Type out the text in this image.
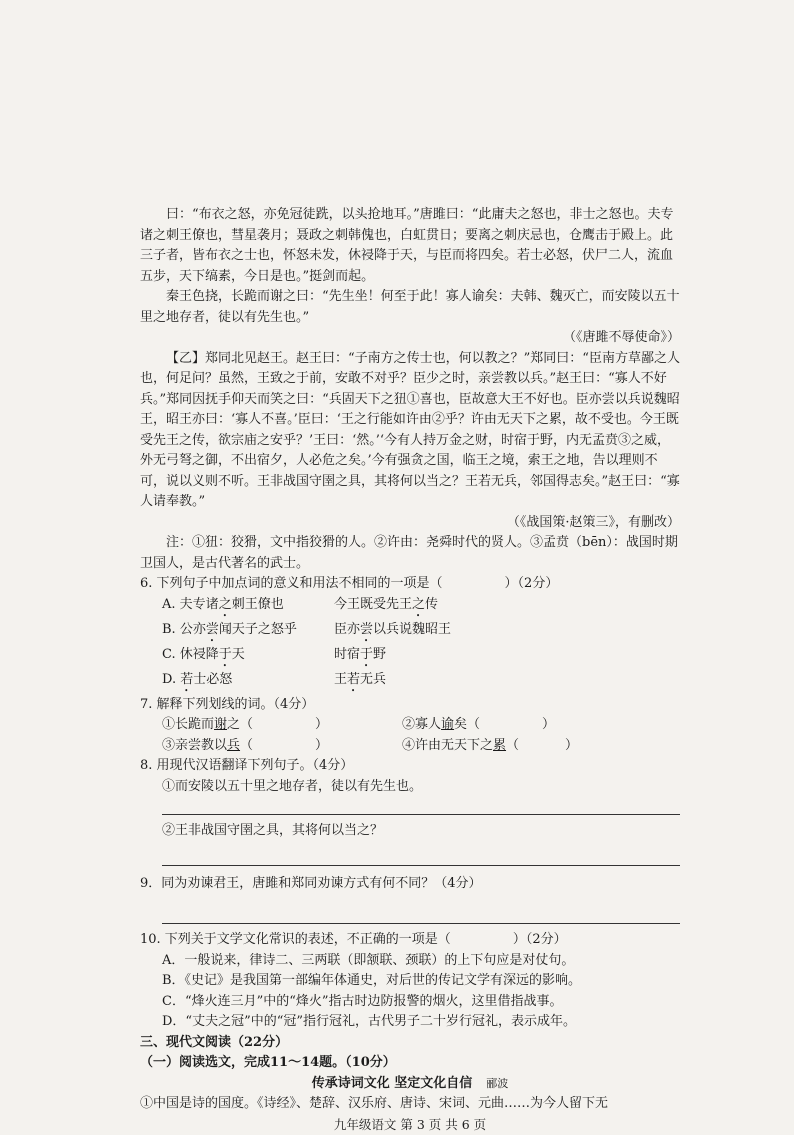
曰：“布衣之怒，亦免冠徒跣，以头抢地耳。”唐雎曰：“此庸夫之怒也，非士之怒也。夫专诸之刺王僚也，彗星袭月；聂政之刺韩傀也，白虹贯日；要离之刺庆忌也，仓鹰击于殿上。此三子者，皆布衣之士也，怀怒未发，休祲降于天，与臣而将四矣。若士必怒，伏尸二人，流血五步，天下缟素，今日是也。”挺剑而起。

秦王色挠，长跪而谢之曰：“先生坐！何至于此！寡人谕矣：夫韩、魏灭亡，而安陵以五十里之地存者，徒以有先生也。”

（《唐雎不辱使命》）

【乙】郑同北见赵王。赵王曰：“子南方之传士也，何以教之？”郑同曰：“臣南方草鄙之人也，何足问？虽然，王致之于前，安敢不对乎？臣少之时，亲尝教以兵。”赵王曰：“寡人不好兵。”郑同因抚手仰天而笑之曰：“兵固天下之狃①喜也，臣故意大王不好也。臣亦尝以兵说魏昭王，昭王亦曰：‘寡人不喜。’臣曰：‘王之行能如许由②乎？许由无天下之累，故不受也。今王既受先王之传，欲宗庙之安乎？’王曰：‘然。’‘今有人持万金之财，时宿于野，内无孟贲③之威，外无弓弩之御，不出宿夕，人必危之矣。’今有强贪之国，临王之境，索王之地，告以理则不可，说以义则不听。王非战国守圉之具，其将何以当之？王若无兵，邻国得志矣。”赵王曰：“寡人请奉教。”

（《战国策·赵策三》，有删改）

注：①狃：狡猾，文中指狡猾的人。②许由：尧舜时代的贤人。③孟贲（bēn）：战国时期卫国人，是古代著名的武士。

6. 下列句子中加点词的意义和用法不相同的一项是（	）（2分）

A. 夫专诸之刺王僚也	今王既受先王之传
B. 公亦尝闻天子之怒乎	臣亦尝以兵说魏昭王
C. 休祲降于天	时宿于野
D. 若士必怒	王若无兵

7. 解释下列划线的词。（4分）

①长跪而谢之（	）	②寡人谕矣（	）
③亲尝教以兵（	）	④许由无天下之累（	）

8. 用现代汉语翻译下列句子。（4分）

①而安陵以五十里之地存者，徒以有先生也。

②王非战国守圉之具，其将何以当之？

9．同为劝谏君王，唐雎和郑同劝谏方式有何不同？（4分）

10. 下列关于文学文化常识的表述，不正确的一项是（	）（2分）

A．一般说来，律诗二、三两联（即颔联、颈联）的上下句应是对仗句。

B．《史记》是我国第一部编年体通史，对后世的传记文学有深远的影响。

C．“烽火连三月”中的“烽火”指古时边防报警的烟火，这里借指战事。

D．“丈夫之冠”中的“冠”指行冠礼，古代男子二十岁行冠礼，表示成年。

三、现代文阅读（22分）

（一）阅读选文，完成11～14题。（10分）

传承诗词文化 坚定文化自信 郦波

①中国是诗的国度。《诗经》、楚辞、汉乐府、唐诗、宋词、元曲……为今人留下无

九年级语文 第 3 页 共 6 页
